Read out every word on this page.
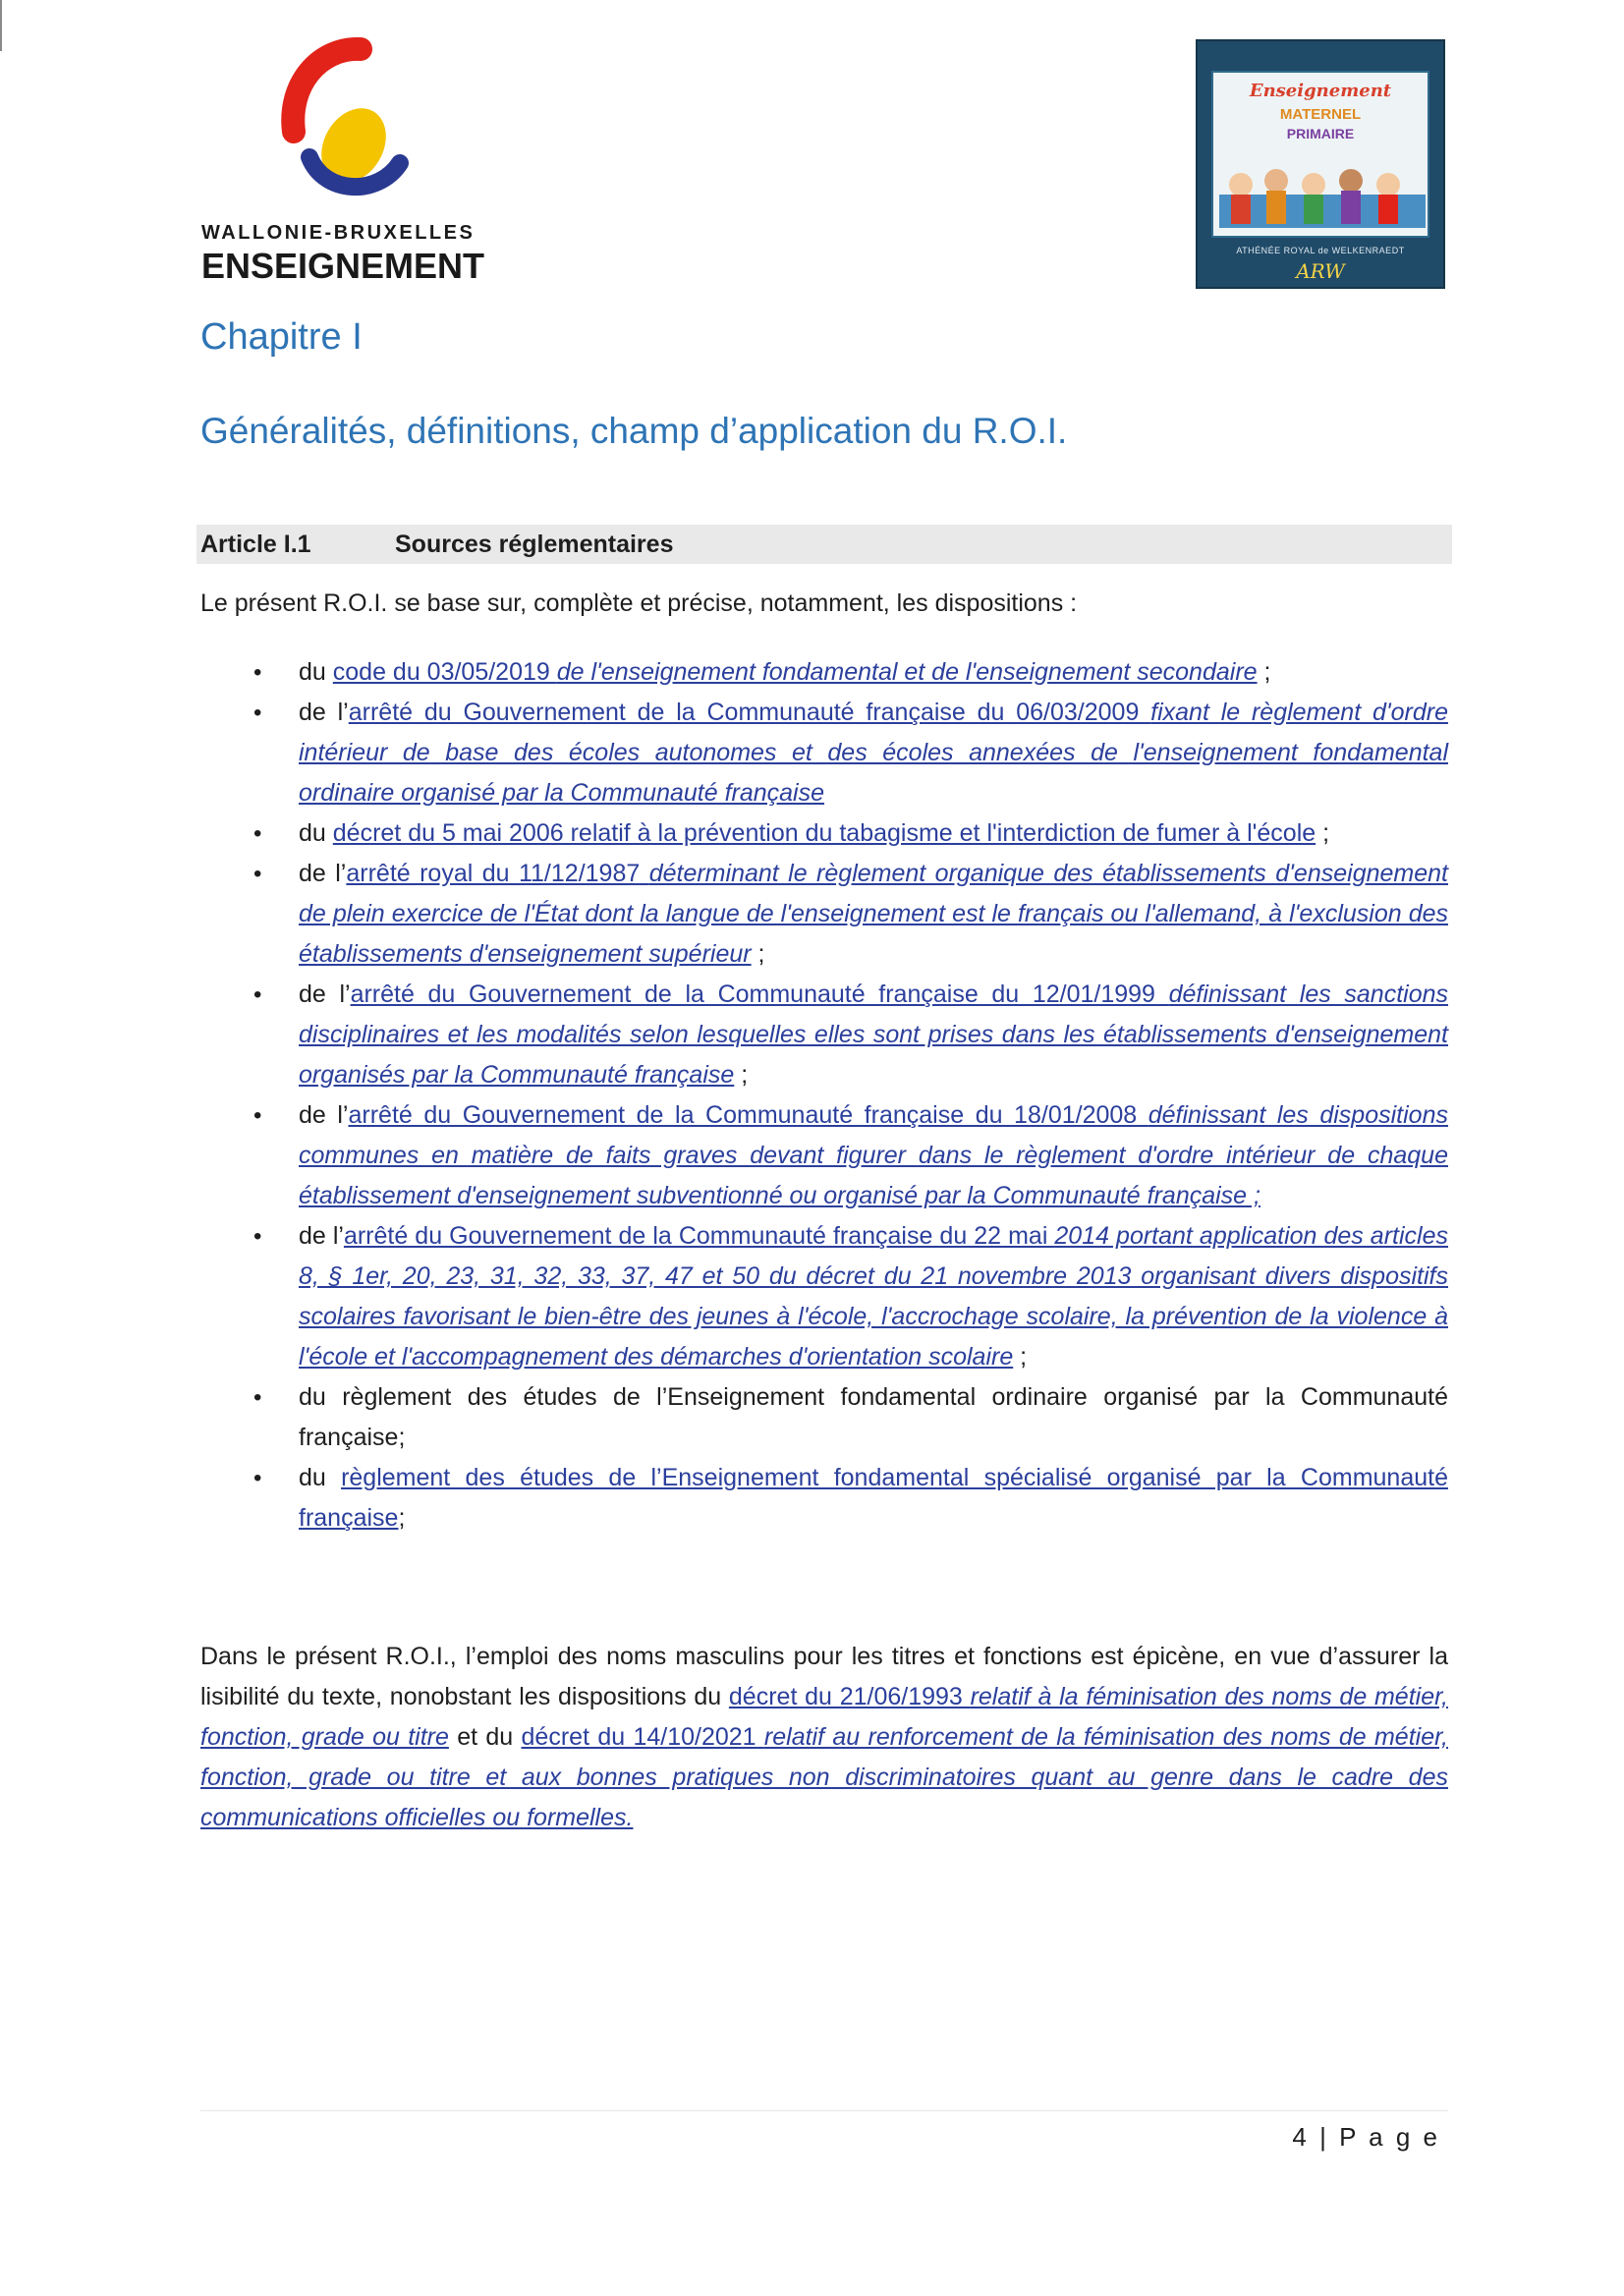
WALLONIE-BRUXELLES
ENSEIGNEMENT
Enseignement
MATERNEL
PRIMAIRE
ATHÉNÉE ROYAL de WELKENRAEDT
ARW
Chapitre I
Généralités, définitions, champ d’application du R.O.I.
Article I.1	Sources réglementaires
Le présent R.O.I. se base sur, complète et précise, notamment, les dispositions :
• du code du 03/05/2019 de l'enseignement fondamental et de l'enseignement secondaire ;
• de l’arrêté du Gouvernement de la Communauté française du 06/03/2009 fixant le règlement d'ordre intérieur de base des écoles autonomes et des écoles annexées de l'enseignement fondamental ordinaire organisé par la Communauté française
• du décret du 5 mai 2006 relatif à la prévention du tabagisme et l'interdiction de fumer à l'école ;
• de l’arrêté royal du 11/12/1987 déterminant le règlement organique des établissements d'enseignement de plein exercice de l'État dont la langue de l'enseignement est le français ou l'allemand, à l'exclusion des établissements d'enseignement supérieur ;
• de l’arrêté du Gouvernement de la Communauté française du 12/01/1999 définissant les sanctions disciplinaires et les modalités selon lesquelles elles sont prises dans les établissements d'enseignement organisés par la Communauté française ;
• de l’arrêté du Gouvernement de la Communauté française du 18/01/2008 définissant les dispositions communes en matière de faits graves devant figurer dans le règlement d'ordre intérieur de chaque établissement d'enseignement subventionné ou organisé par la Communauté française ;
• de l’arrêté du Gouvernement de la Communauté française du 22 mai 2014 portant application des articles 8, § 1er, 20, 23, 31, 32, 33, 37, 47 et 50 du décret du 21 novembre 2013 organisant divers dispositifs scolaires favorisant le bien-être des jeunes à l'école, l'accrochage scolaire, la prévention de la violence à l'école et l'accompagnement des démarches d'orientation scolaire ;
• du règlement des études de l’Enseignement fondamental ordinaire organisé par la Communauté française;
• du règlement des études de l’Enseignement fondamental spécialisé organisé par la Communauté française;

Dans le présent R.O.I., l’emploi des noms masculins pour les titres et fonctions est épicène, en vue d’assurer la lisibilité du texte, nonobstant les dispositions du décret du 21/06/1993 relatif à la féminisation des noms de métier, fonction, grade ou titre et du décret du 14/10/2021 relatif au renforcement de la féminisation des noms de métier, fonction, grade ou titre et aux bonnes pratiques non discriminatoires quant au genre dans le cadre des communications officielles ou formelles.

4 | P a g e
